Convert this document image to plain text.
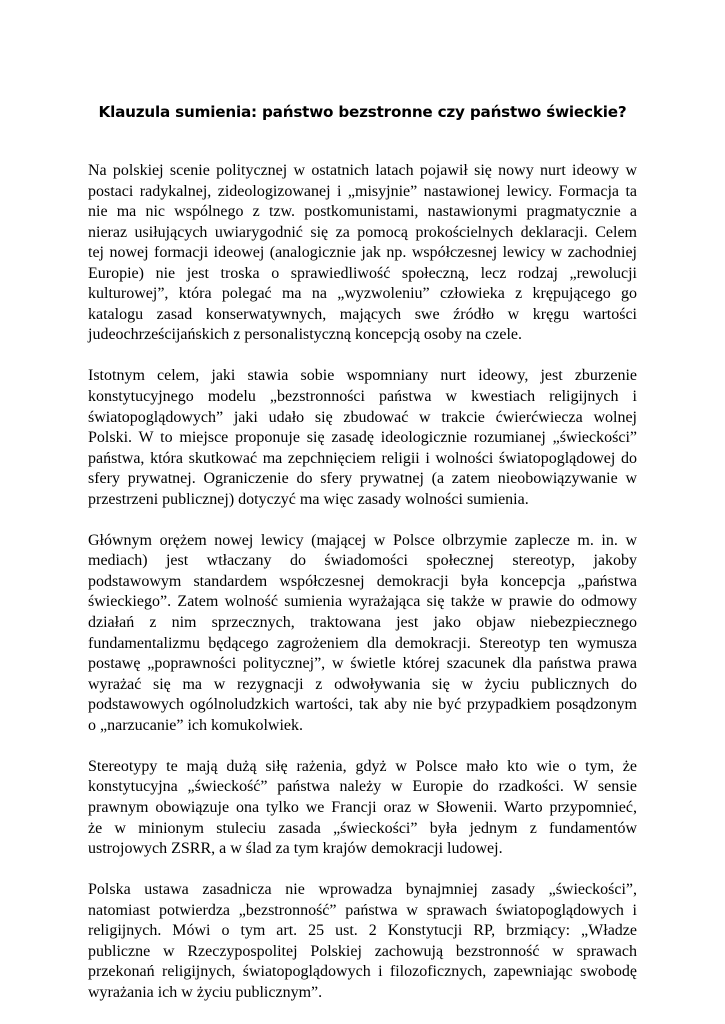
Klauzula sumienia: państwo bezstronne czy państwo świeckie?

Na polskiej scenie politycznej w ostatnich latach pojawił się nowy nurt ideowy w
postaci radykalnej, zideologizowanej i „misyjnie” nastawionej lewicy. Formacja ta
nie ma nic wspólnego z tzw. postkomunistami, nastawionymi pragmatycznie a
nieraz usiłujących uwiarygodnić się za pomocą prokościelnych deklaracji. Celem
tej nowej formacji ideowej (analogicznie jak np. współczesnej lewicy w zachodniej
Europie) nie jest troska o sprawiedliwość społeczną, lecz rodzaj „rewolucji
kulturowej”, która polegać ma na „wyzwoleniu” człowieka z krępującego go
katalogu zasad konserwatywnych, mających swe źródło w kręgu wartości
judeochrześcijańskich z personalistyczną koncepcją osoby na czele.

Istotnym celem, jaki stawia sobie wspomniany nurt ideowy, jest zburzenie
konstytucyjnego modelu „bezstronności państwa w kwestiach religijnych i
światopoglądowych” jaki udało się zbudować w trakcie ćwierćwiecza wolnej
Polski. W to miejsce proponuje się zasadę ideologicznie rozumianej „świeckości”
państwa, która skutkować ma zepchnięciem religii i wolności światopoglądowej do
sfery prywatnej. Ograniczenie do sfery prywatnej (a zatem nieobowiązywanie w
przestrzeni publicznej) dotyczyć ma więc zasady wolności sumienia.

Głównym orężem nowej lewicy (mającej w Polsce olbrzymie zaplecze m. in. w
mediach) jest wtłaczany do świadomości społecznej stereotyp, jakoby
podstawowym standardem współczesnej demokracji była koncepcja „państwa
świeckiego”. Zatem wolność sumienia wyrażająca się także w prawie do odmowy
działań z nim sprzecznych, traktowana jest jako objaw niebezpiecznego
fundamentalizmu będącego zagrożeniem dla demokracji. Stereotyp ten wymusza
postawę „poprawności politycznej”, w świetle której szacunek dla państwa prawa
wyrażać się ma w rezygnacji z odwoływania się w życiu publicznych do
podstawowych ogólnoludzkich wartości, tak aby nie być przypadkiem posądzonym
o „narzucanie” ich komukolwiek.

Stereotypy te mają dużą siłę rażenia, gdyż w Polsce mało kto wie o tym, że
konstytucyjna „świeckość” państwa należy w Europie do rzadkości. W sensie
prawnym obowiązuje ona tylko we Francji oraz w Słowenii. Warto przypomnieć,
że w minionym stuleciu zasada „świeckości” była jednym z fundamentów
ustrojowych ZSRR, a w ślad za tym krajów demokracji ludowej.

Polska ustawa zasadnicza nie wprowadza bynajmniej zasady „świeckości”,
natomiast potwierdza „bezstronność” państwa w sprawach światopoglądowych i
religijnych. Mówi o tym art. 25 ust. 2 Konstytucji RP, brzmiący: „Władze
publiczne w Rzeczypospolitej Polskiej zachowują bezstronność w sprawach
przekonań religijnych, światopoglądowych i filozoficznych, zapewniając swobodę
wyrażania ich w życiu publicznym”.
